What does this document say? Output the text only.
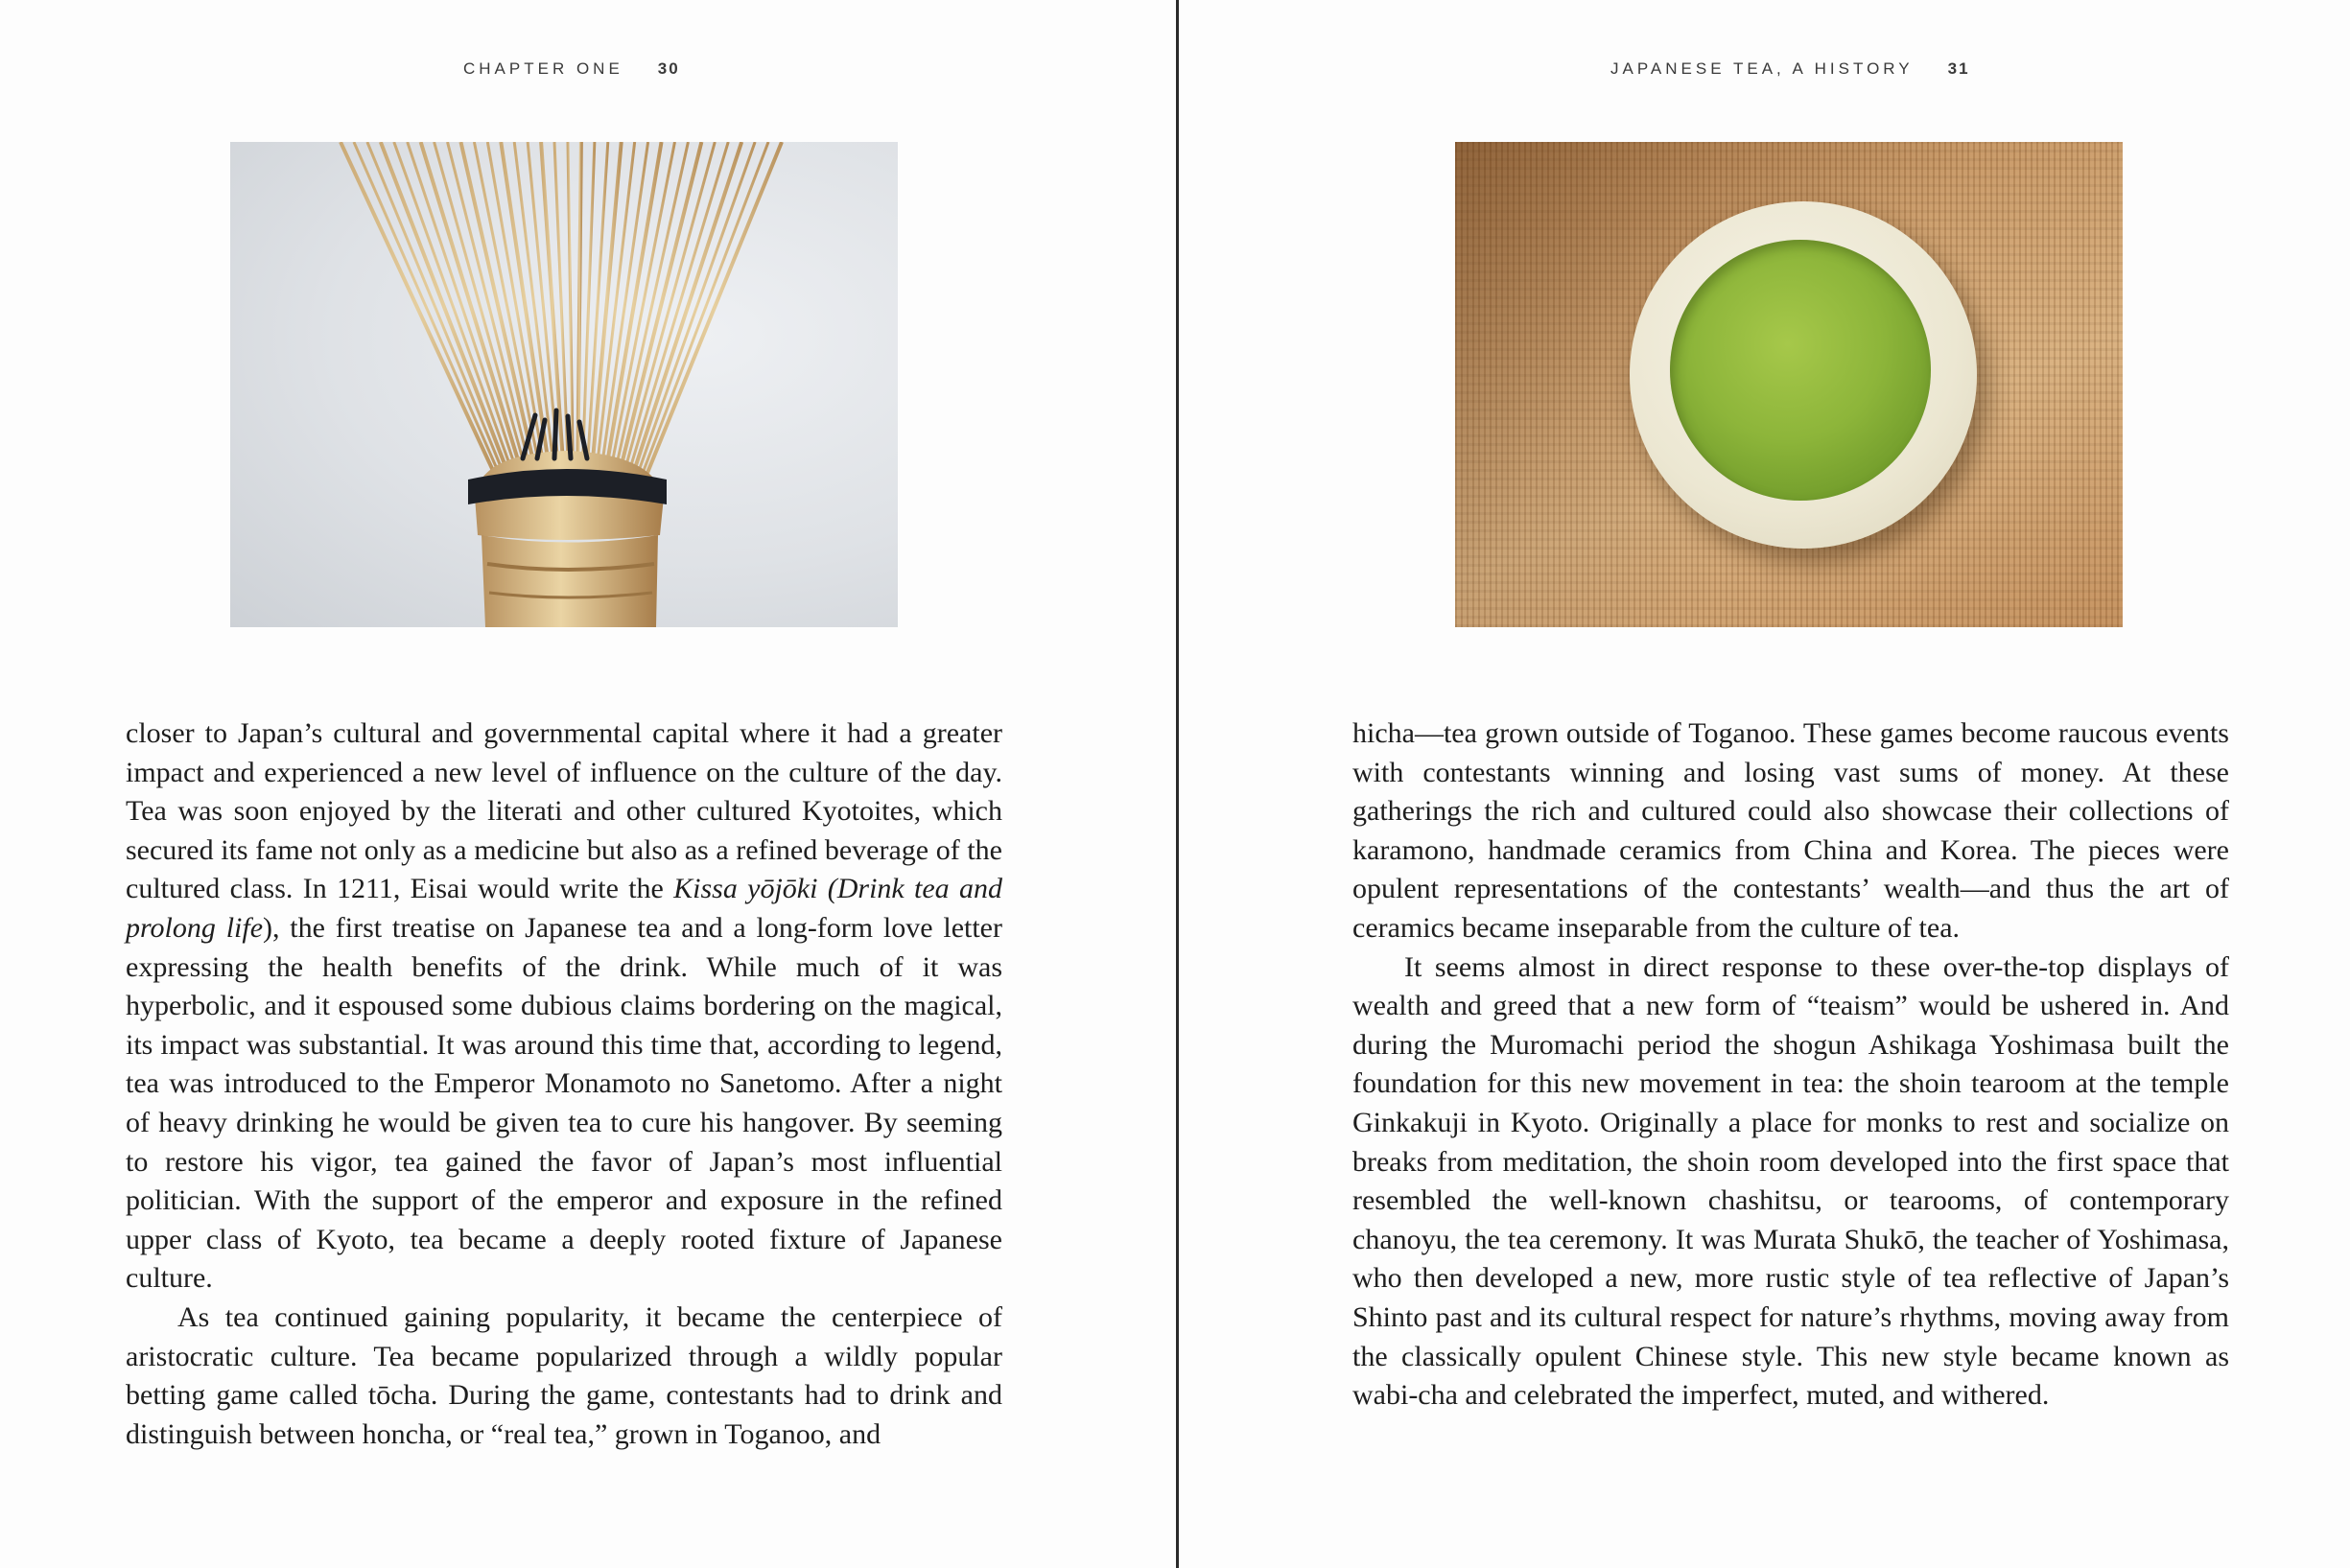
CHAPTER ONE 30

closer to Japan’s cultural and governmental capital where it had a greater impact and experienced a new level of influence on the culture of the day. Tea was soon enjoyed by the literati and other cultured Kyotoites, which secured its fame not only as a medicine but also as a refined beverage of the cultured class. In 1211, Eisai would write the Kissa yōjōki (Drink tea and prolong life), the first treatise on Japanese tea and a long-form love letter expressing the health benefits of the drink. While much of it was hyperbolic, and it espoused some dubious claims bordering on the magical, its impact was substantial. It was around this time that, according to legend, tea was introduced to the Emperor Monamoto no Sanetomo. After a night of heavy drinking he would be given tea to cure his hangover. By seeming to restore his vigor, tea gained the favor of Japan’s most influential politician. With the support of the emperor and exposure in the refined upper class of Kyoto, tea became a deeply rooted fixture of Japanese culture.

As tea continued gaining popularity, it became the centerpiece of aristocratic culture. Tea became popularized through a wildly popular betting game called tōcha. During the game, contestants had to drink and distinguish between honcha, or “real tea,” grown in Toganoo, and

JAPANESE TEA, A HISTORY 31

hicha—tea grown outside of Toganoo. These games become raucous events with contestants winning and losing vast sums of money. At these gatherings the rich and cultured could also showcase their collections of karamono, handmade ceramics from China and Korea. The pieces were opulent representations of the contestants’ wealth—and thus the art of ceramics became inseparable from the culture of tea.

It seems almost in direct response to these over-the-top displays of wealth and greed that a new form of “teaism” would be ushered in. And during the Muromachi period the shogun Ashikaga Yoshimasa built the foundation for this new movement in tea: the shoin tearoom at the temple Ginkakuji in Kyoto. Originally a place for monks to rest and socialize on breaks from meditation, the shoin room developed into the first space that resembled the well-known chashitsu, or tearooms, of contemporary chanoyu, the tea ceremony. It was Murata Shukō, the teacher of Yoshimasa, who then developed a new, more rustic style of tea reflective of Japan’s Shinto past and its cultural respect for nature’s rhythms, moving away from the classically opulent Chinese style. This new style became known as wabi-cha and celebrated the imperfect, muted, and withered.
